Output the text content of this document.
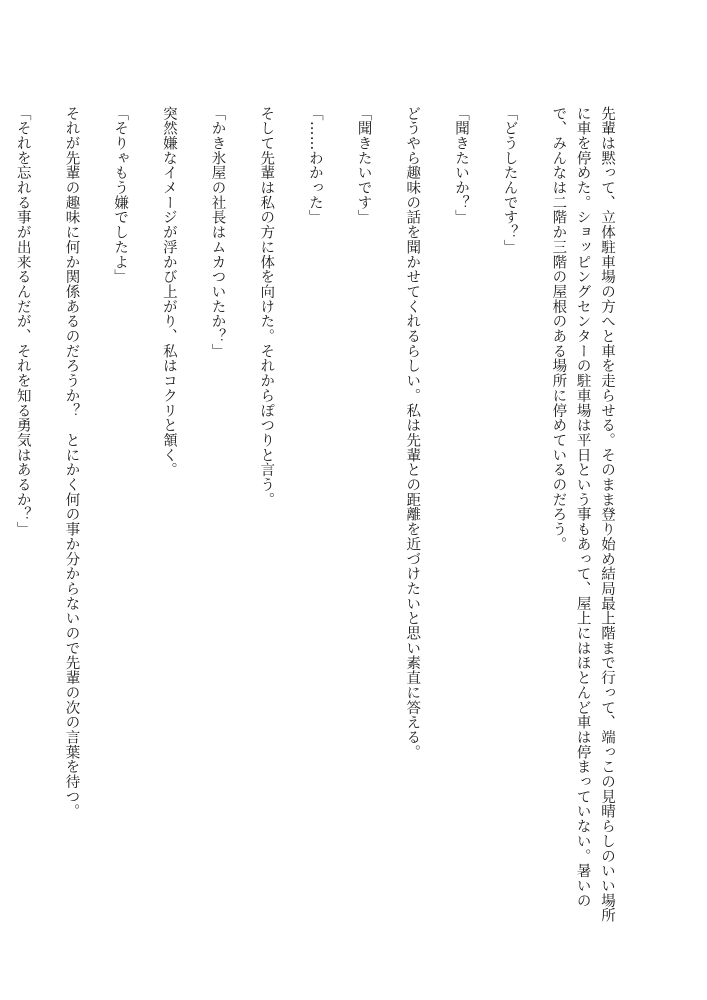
先輩は黙って、立体駐車場の方へと車を走らせる。そのまま登り始め結局最上階まで行って、端っこの見晴らしのいい場所に車を停めた。ショッピングセンターの駐車場は平日という事もあって、屋上にはほとんど車は停まっていない。暑いので、みんなは二階か三階の屋根のある場所に停めているのだろう。

「どうしたんです？」

「聞きたいか？」

どうやら趣味の話を聞かせてくれるらしい。私は先輩との距離を近づけたいと思い素直に答える。

「聞きたいです」

「……わかった」

そして先輩は私の方に体を向けた。それからぽつりと言う。

「かき氷屋の社長はムカついたか？」

突然嫌なイメージが浮かび上がり、私はコクリと頷く。

「そりゃもう嫌でしたよ」

それが先輩の趣味に何か関係あるのだろうか？　とにかく何の事か分からないので先輩の次の言葉を待つ。

「それを忘れる事が出来るんだが、それを知る勇気はあるか？」
